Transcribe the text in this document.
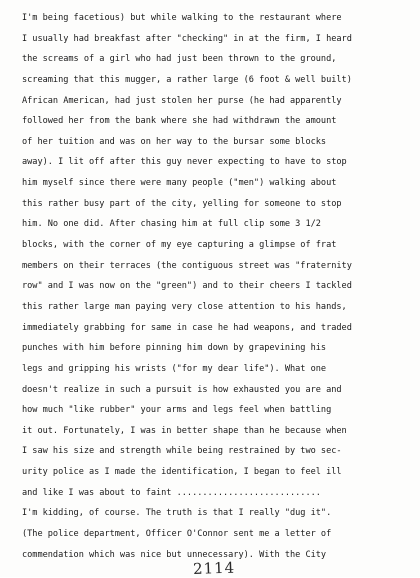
I'm being facetious) but while walking to the restaurant where
I usually had breakfast after "checking" in at the firm, I heard
the screams of a girl who had just been thrown to the ground,
screaming that this mugger, a rather large (6 foot & well built)
African American, had just stolen her purse (he had apparently
followed her from the bank where she had withdrawn the amount
of her tuition and was on her way to the bursar some blocks
away). I lit off after this guy never expecting to have to stop
him myself since there were many people ("men") walking about
this rather busy part of the city, yelling for someone to stop
him. No one did. After chasing him at full clip some 3 1/2
blocks, with the corner of my eye capturing a glimpse of frat
members on their terraces (the contiguous street was "fraternity
row" and I was now on the "green") and to their cheers I tackled
this rather large man paying very close attention to his hands,
immediately grabbing for same in case he had weapons, and traded
punches with him before pinning him down by grapevining his
legs and gripping his wrists ("for my dear life"). What one
doesn't realize in such a pursuit is how exhausted you are and
how much "like rubber" your arms and legs feel when battling
it out. Fortunately, I was in better shape than he because when
I saw his size and strength while being restrained by two sec-
urity police as I made the identification, I began to feel ill
and like I was about to faint ............................
I'm kidding, of course. The truth is that I really "dug it".
(The police department, Officer O'Connor sent me a letter of
commendation which was nice but unnecessary). With the City
2114
